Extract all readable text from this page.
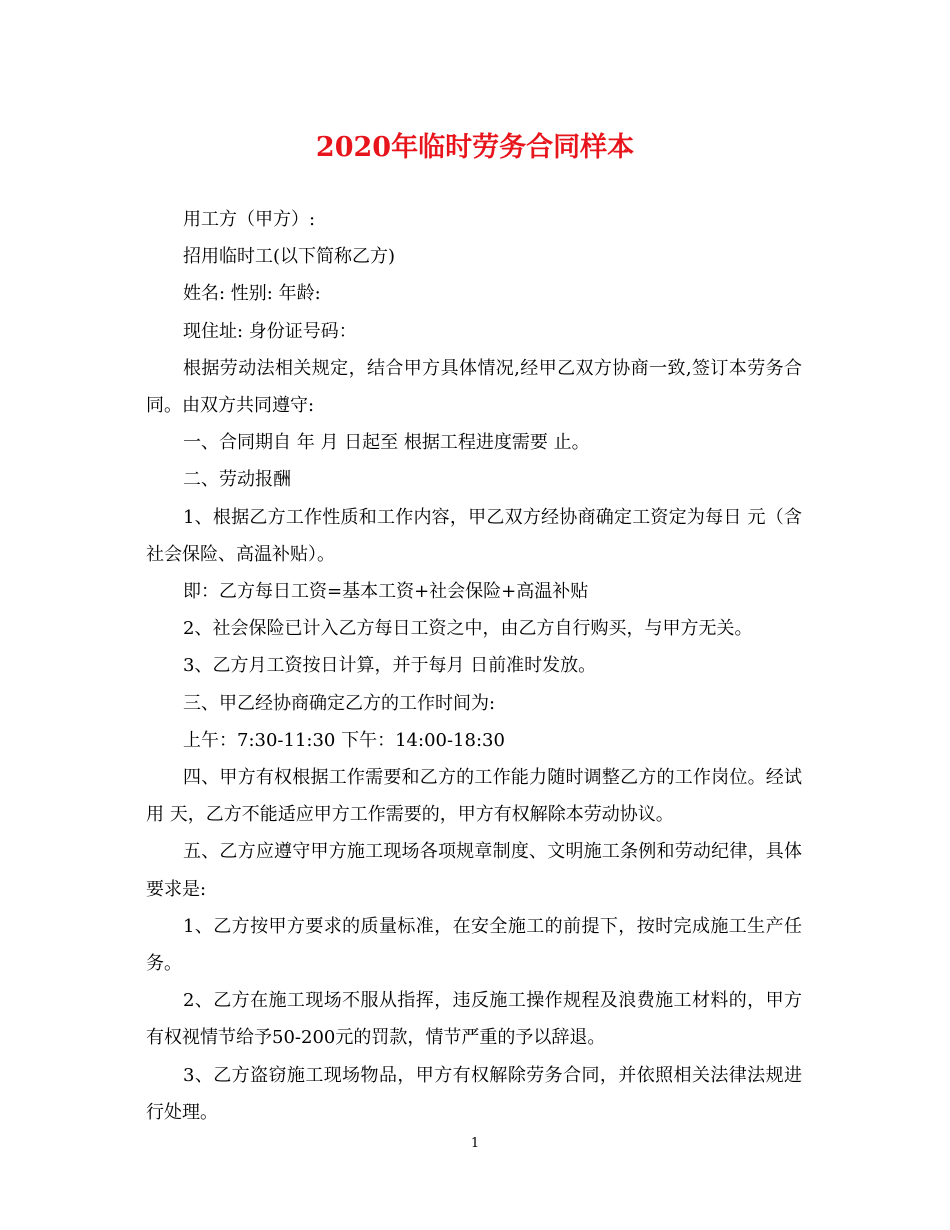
2020年临时劳务合同样本

用工方（甲方）:

招用临时工(以下简称乙方)

姓名: 性别: 年龄:

现住址: 身份证号码：

根据劳动法相关规定，结合甲方具体情况,经甲乙双方协商一致,签订本劳务合同。由双方共同遵守:

一、合同期自 年 月 日起至 根据工程进度需要 止。

二、劳动报酬

1、根据乙方工作性质和工作内容，甲乙双方经协商确定工资定为每日 元（含社会保险、高温补贴）。

即：乙方每日工资=基本工资+社会保险+高温补贴

2、社会保险已计入乙方每日工资之中，由乙方自行购买，与甲方无关。

3、乙方月工资按日计算，并于每月 日前准时发放。

三、甲乙经协商确定乙方的工作时间为:

上午：7:30-11:30 下午：14:00-18:30

四、甲方有权根据工作需要和乙方的工作能力随时调整乙方的工作岗位。经试用 天，乙方不能适应甲方工作需要的，甲方有权解除本劳动协议。

五、乙方应遵守甲方施工现场各项规章制度、文明施工条例和劳动纪律，具体要求是:

1、乙方按甲方要求的质量标准，在安全施工的前提下，按时完成施工生产任务。

2、乙方在施工现场不服从指挥，违反施工操作规程及浪费施工材料的，甲方有权视情节给予50-200元的罚款，情节严重的予以辞退。

3、乙方盗窃施工现场物品，甲方有权解除劳务合同，并依照相关法律法规进行处理。

1
